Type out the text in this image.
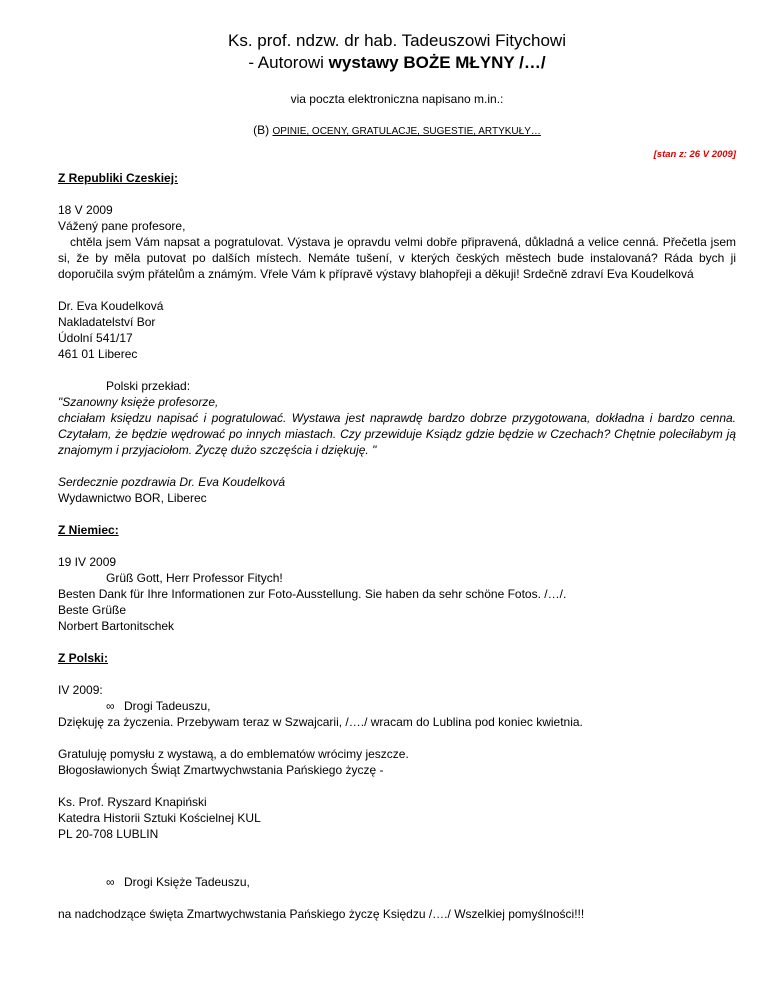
Ks. prof. ndzw. dr hab. Tadeuszowi Fitychowi

- Autorowi wystawy BOŻE MŁYNY /…/

via poczta elektroniczna napisano m.in.:
(B) OPINIE, OCENY, GRATULACJE, SUGESTIE, ARTYKUŁY…
[stan z: 26 V 2009]
Z Republiki Czeskiej:
18 V 2009
Vážený pane profesore,
chtěla jsem Vám napsat a pogratulovat. Výstava je opravdu velmi dobře připravená, důkladná a velice cenná. Přečetla jsem si, že by měla putovat po dalších místech. Nemáte tušení, v kterých českých městech bude instalovaná? Ráda bych ji doporučila svým přátelům a známým. Vřele Vám k přípravě výstavy blahopřeji a děkuji! Srdečně zdraví Eva Koudelková
Dr. Eva Koudelková
Nakladatelství Bor
Údolní 541/17
461 01 Liberec
Polski przekład:
"Szanowny księże profesorze,
chciałam księdzu napisać i pogratulować. Wystawa jest naprawdę bardzo dobrze przygotowana, dokładna i bardzo cenna. Czytałam, że będzie wędrować po innych miastach. Czy przewiduje Ksiądz gdzie będzie w Czechach? Chętnie poleciłabym ją znajomym i przyjaciołom. Życzę dużo szczęścia i dziękuję. "
Serdecznie pozdrawia Dr. Eva Koudelková
Wydawnictwo BOR, Liberec
Z Niemiec:
19 IV 2009
Grüß Gott, Herr Professor Fitych!
Besten Dank für Ihre Informationen zur Foto-Ausstellung. Sie haben da sehr schöne Fotos. /…/.
Beste Grüße
Norbert Bartonitschek
Z Polski:
IV 2009:
∞ Drogi Tadeuszu,
Dziękuję za życzenia. Przebywam teraz w Szwajcarii, /…./ wracam do Lublina pod koniec kwietnia.
Gratuluję pomysłu z wystawą, a do emblematów wrócimy jeszcze.
Błogosławionych Świąt Zmartwychwstania Pańskiego życzę -
Ks. Prof. Ryszard Knapiński
Katedra Historii Sztuki Kościelnej KUL
PL 20-708 LUBLIN
∞ Drogi Księże Tadeuszu,
na nadchodzące święta Zmartwychwstania Pańskiego życzę Księdzu /…./ Wszelkiej pomyślności!!!
